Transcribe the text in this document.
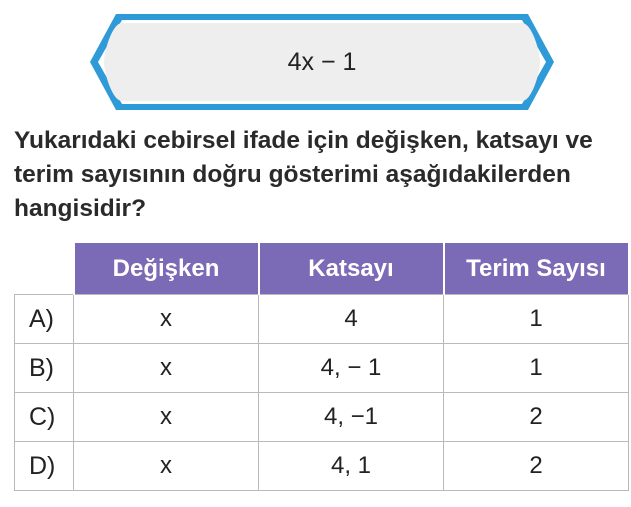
4x − 1

Yukarıdaki cebirsel ifade için değişken, katsayı ve terim sayısının doğru gösterimi aşağıdakilerden hangisidir?

	Değişken	Katsayı	Terim Sayısı
A)	x	4	1
B)	x	4, − 1	1
C)	x	4, −1	2
D)	x	4, 1	2
